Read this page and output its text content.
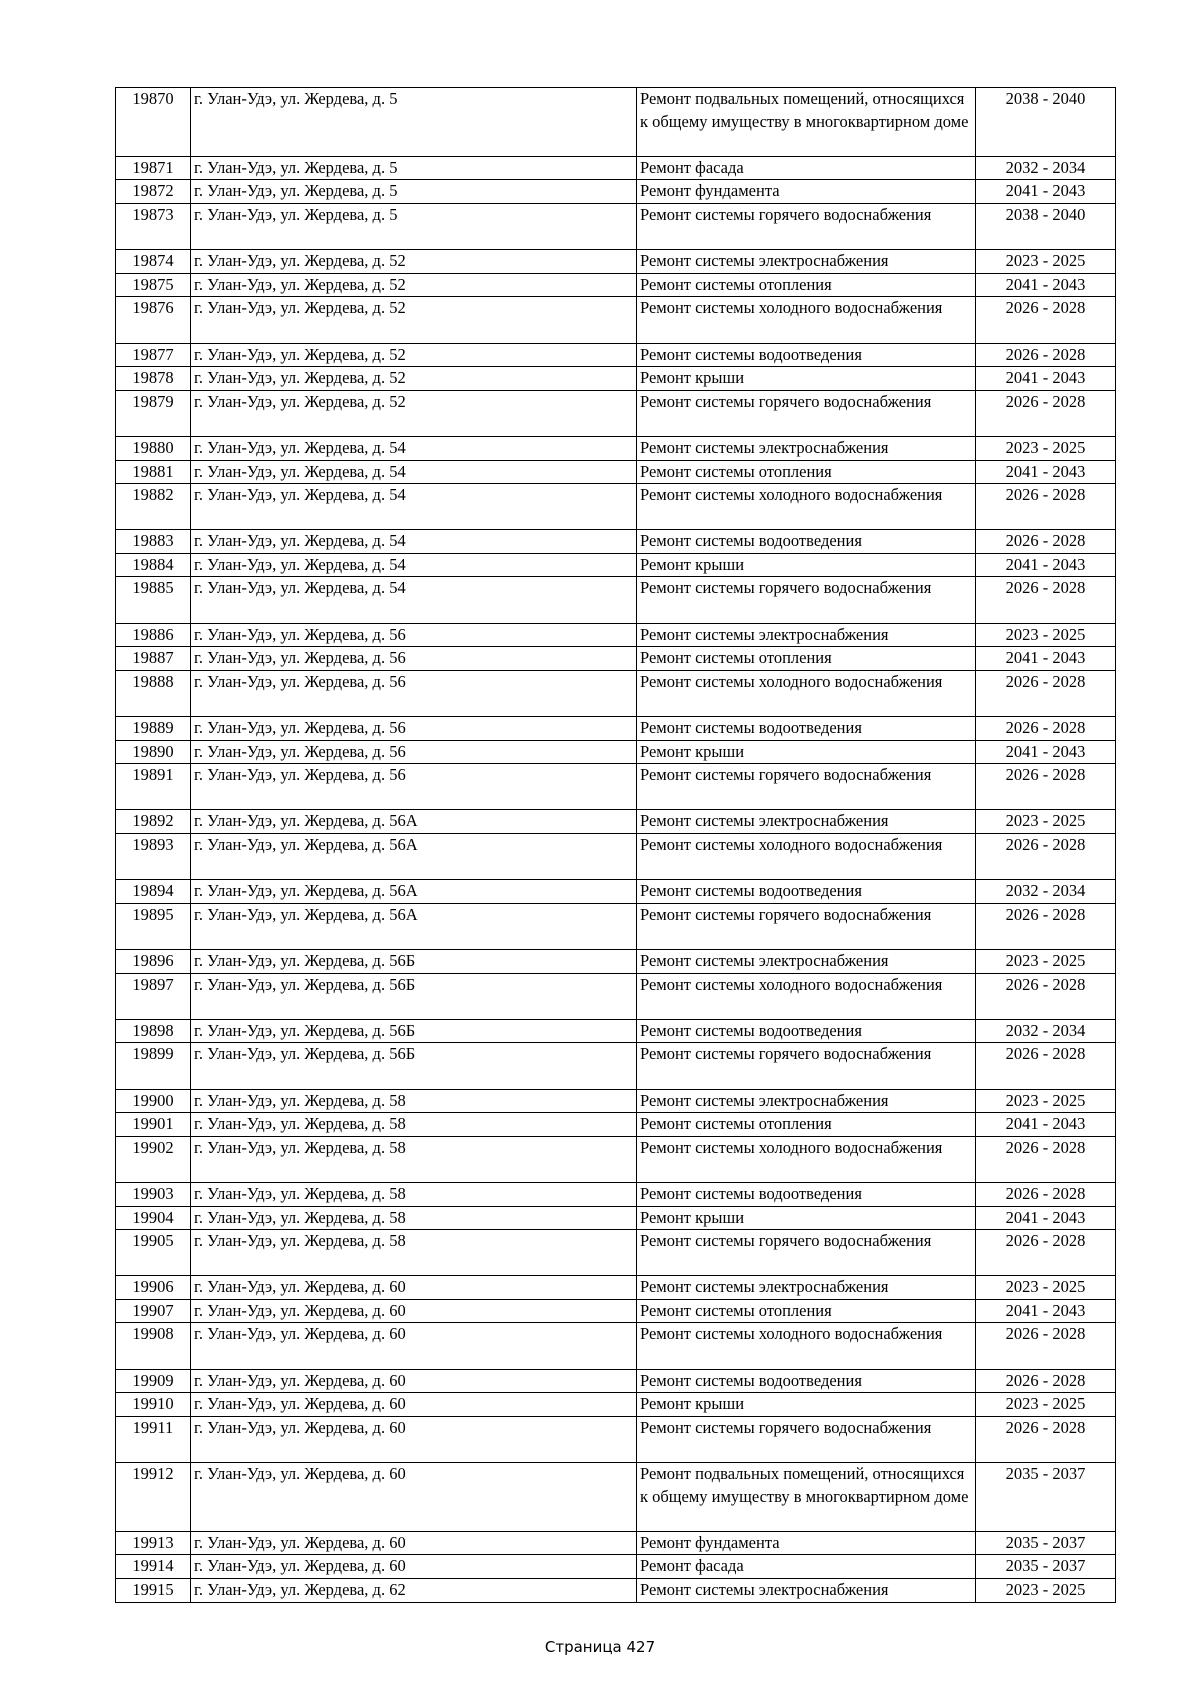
19870	г. Улан-Удэ, ул. Жердева, д. 5	Ремонт подвальных помещений, относящихся к общему имуществу в многоквартирном доме	2038 - 2040
19871	г. Улан-Удэ, ул. Жердева, д. 5	Ремонт фасада	2032 - 2034
19872	г. Улан-Удэ, ул. Жердева, д. 5	Ремонт фундамента	2041 - 2043
19873	г. Улан-Удэ, ул. Жердева, д. 5	Ремонт системы горячего водоснабжения	2038 - 2040
19874	г. Улан-Удэ, ул. Жердева, д. 52	Ремонт системы электроснабжения	2023 - 2025
19875	г. Улан-Удэ, ул. Жердева, д. 52	Ремонт системы отопления	2041 - 2043
19876	г. Улан-Удэ, ул. Жердева, д. 52	Ремонт системы холодного водоснабжения	2026 - 2028
19877	г. Улан-Удэ, ул. Жердева, д. 52	Ремонт системы водоотведения	2026 - 2028
19878	г. Улан-Удэ, ул. Жердева, д. 52	Ремонт крыши	2041 - 2043
19879	г. Улан-Удэ, ул. Жердева, д. 52	Ремонт системы горячего водоснабжения	2026 - 2028
19880	г. Улан-Удэ, ул. Жердева, д. 54	Ремонт системы электроснабжения	2023 - 2025
19881	г. Улан-Удэ, ул. Жердева, д. 54	Ремонт системы отопления	2041 - 2043
19882	г. Улан-Удэ, ул. Жердева, д. 54	Ремонт системы холодного водоснабжения	2026 - 2028
19883	г. Улан-Удэ, ул. Жердева, д. 54	Ремонт системы водоотведения	2026 - 2028
19884	г. Улан-Удэ, ул. Жердева, д. 54	Ремонт крыши	2041 - 2043
19885	г. Улан-Удэ, ул. Жердева, д. 54	Ремонт системы горячего водоснабжения	2026 - 2028
19886	г. Улан-Удэ, ул. Жердева, д. 56	Ремонт системы электроснабжения	2023 - 2025
19887	г. Улан-Удэ, ул. Жердева, д. 56	Ремонт системы отопления	2041 - 2043
19888	г. Улан-Удэ, ул. Жердева, д. 56	Ремонт системы холодного водоснабжения	2026 - 2028
19889	г. Улан-Удэ, ул. Жердева, д. 56	Ремонт системы водоотведения	2026 - 2028
19890	г. Улан-Удэ, ул. Жердева, д. 56	Ремонт крыши	2041 - 2043
19891	г. Улан-Удэ, ул. Жердева, д. 56	Ремонт системы горячего водоснабжения	2026 - 2028
19892	г. Улан-Удэ, ул. Жердева, д. 56А	Ремонт системы электроснабжения	2023 - 2025
19893	г. Улан-Удэ, ул. Жердева, д. 56А	Ремонт системы холодного водоснабжения	2026 - 2028
19894	г. Улан-Удэ, ул. Жердева, д. 56А	Ремонт системы водоотведения	2032 - 2034
19895	г. Улан-Удэ, ул. Жердева, д. 56А	Ремонт системы горячего водоснабжения	2026 - 2028
19896	г. Улан-Удэ, ул. Жердева, д. 56Б	Ремонт системы электроснабжения	2023 - 2025
19897	г. Улан-Удэ, ул. Жердева, д. 56Б	Ремонт системы холодного водоснабжения	2026 - 2028
19898	г. Улан-Удэ, ул. Жердева, д. 56Б	Ремонт системы водоотведения	2032 - 2034
19899	г. Улан-Удэ, ул. Жердева, д. 56Б	Ремонт системы горячего водоснабжения	2026 - 2028
19900	г. Улан-Удэ, ул. Жердева, д. 58	Ремонт системы электроснабжения	2023 - 2025
19901	г. Улан-Удэ, ул. Жердева, д. 58	Ремонт системы отопления	2041 - 2043
19902	г. Улан-Удэ, ул. Жердева, д. 58	Ремонт системы холодного водоснабжения	2026 - 2028
19903	г. Улан-Удэ, ул. Жердева, д. 58	Ремонт системы водоотведения	2026 - 2028
19904	г. Улан-Удэ, ул. Жердева, д. 58	Ремонт крыши	2041 - 2043
19905	г. Улан-Удэ, ул. Жердева, д. 58	Ремонт системы горячего водоснабжения	2026 - 2028
19906	г. Улан-Удэ, ул. Жердева, д. 60	Ремонт системы электроснабжения	2023 - 2025
19907	г. Улан-Удэ, ул. Жердева, д. 60	Ремонт системы отопления	2041 - 2043
19908	г. Улан-Удэ, ул. Жердева, д. 60	Ремонт системы холодного водоснабжения	2026 - 2028
19909	г. Улан-Удэ, ул. Жердева, д. 60	Ремонт системы водоотведения	2026 - 2028
19910	г. Улан-Удэ, ул. Жердева, д. 60	Ремонт крыши	2023 - 2025
19911	г. Улан-Удэ, ул. Жердева, д. 60	Ремонт системы горячего водоснабжения	2026 - 2028
19912	г. Улан-Удэ, ул. Жердева, д. 60	Ремонт подвальных помещений, относящихся к общему имуществу в многоквартирном доме	2035 - 2037
19913	г. Улан-Удэ, ул. Жердева, д. 60	Ремонт фундамента	2035 - 2037
19914	г. Улан-Удэ, ул. Жердева, д. 60	Ремонт фасада	2035 - 2037
19915	г. Улан-Удэ, ул. Жердева, д. 62	Ремонт системы электроснабжения	2023 - 2025
Страница 427
